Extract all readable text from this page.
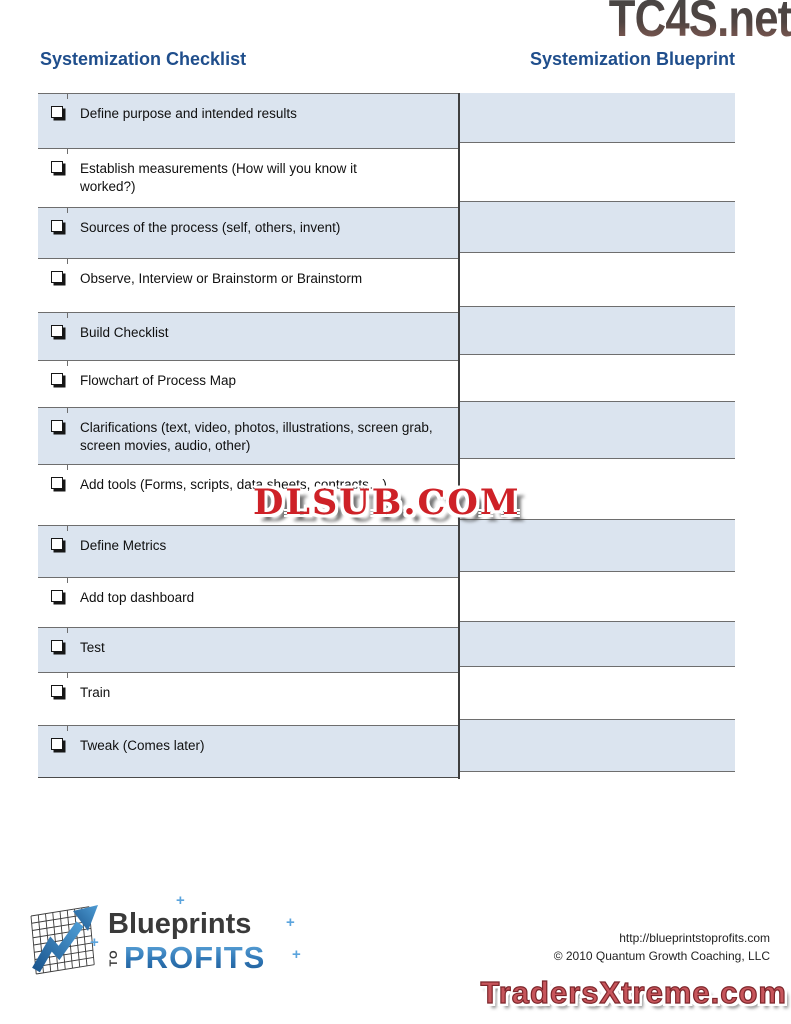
TC4S.net
Systemization Checklist	Systemization Blueprint
Define purpose and intended results
Establish measurements (How will you know it worked?)
Sources of the process (self, others, invent)
Observe, Interview or Brainstorm or Brainstorm
Build Checklist
Flowchart of Process Map
Clarifications (text, video, photos, illustrations, screen grab, screen movies, audio, other)
Add tools (Forms, scripts, data sheets, contracts…)
Define Metrics
Add top dashboard
Test
Train
Tweak (Comes later)
DLSUB.COM
Blueprints
TO PROFITS
+
+
+
+
http://blueprintstoprofits.com
© 2010 Quantum Growth Coaching, LLC
TradersXtreme.com
